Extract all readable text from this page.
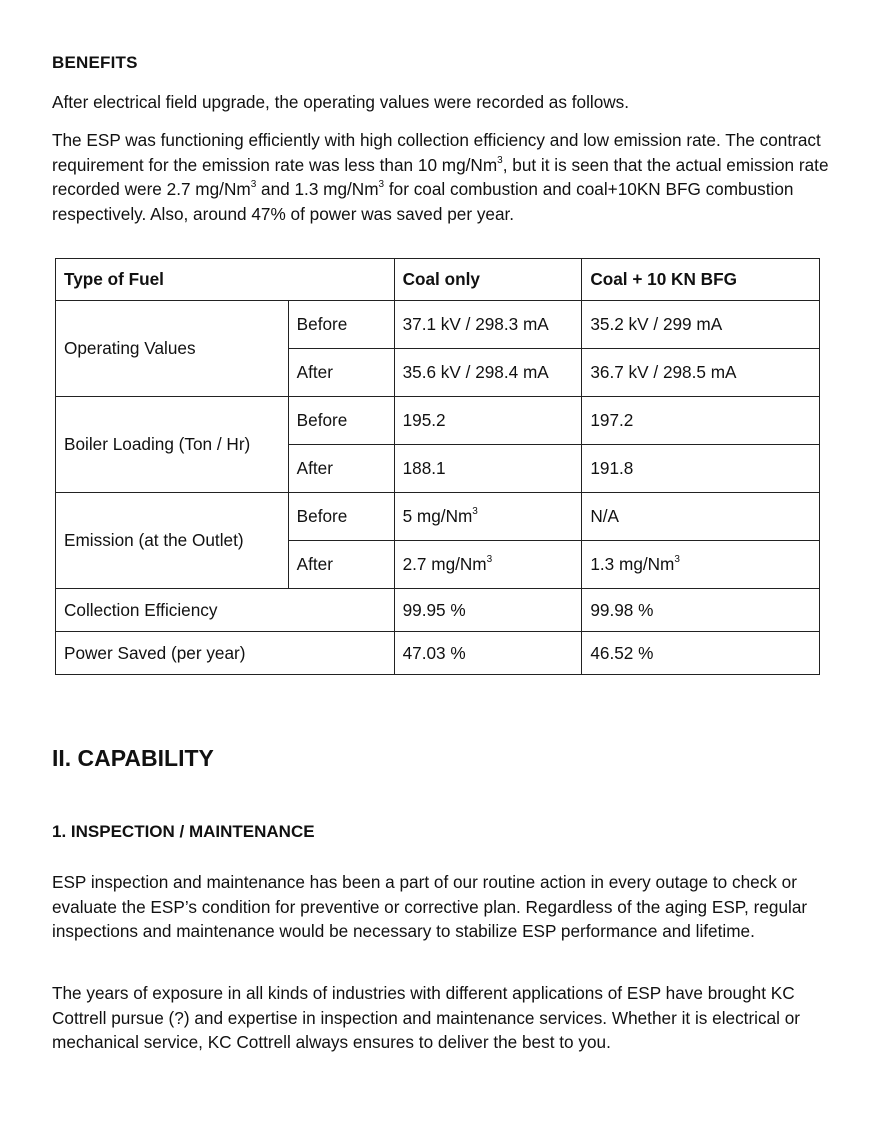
BENEFITS

After electrical field upgrade, the operating values were recorded as follows.

The ESP was functioning efficiently with high collection efficiency and low emission rate. The contract requirement for the emission rate was less than 10 mg/Nm$^3$, but it is seen that the actual emission rate recorded were 2.7 mg/Nm$^3$ and 1.3 mg/Nm$^3$ for coal combustion and coal+10KN BFG combustion respectively. Also, around 47% of power was saved per year.

Type of Fuel		Coal only	Coal + 10 KN BFG
Operating Values	Before	37.1 kV / 298.3 mA	35.2 kV / 299 mA
	After	35.6 kV / 298.4 mA	36.7 kV / 298.5 mA
Boiler Loading (Ton / Hr)	Before	195.2	197.2
	After	188.1	191.8
Emission (at the Outlet)	Before	5 mg/Nm$^3$	N/A
	After	2.7 mg/Nm$^3$	1.3 mg/Nm$^3$
Collection Efficiency		99.95 %	99.98 %
Power Saved (per year)		47.03 %	46.52 %
II. CAPABILITY
1. INSPECTION / MAINTENANCE

ESP inspection and maintenance has been a part of our routine action in every outage to check or evaluate the ESP’s condition for preventive or corrective plan. Regardless of the aging ESP, regular inspections and maintenance would be necessary to stabilize ESP performance and lifetime.

The years of exposure in all kinds of industries with different applications of ESP have brought KC Cottrell pursue (?) and expertise in inspection and maintenance services. Whether it is electrical or mechanical service, KC Cottrell always ensures to deliver the best to you.
